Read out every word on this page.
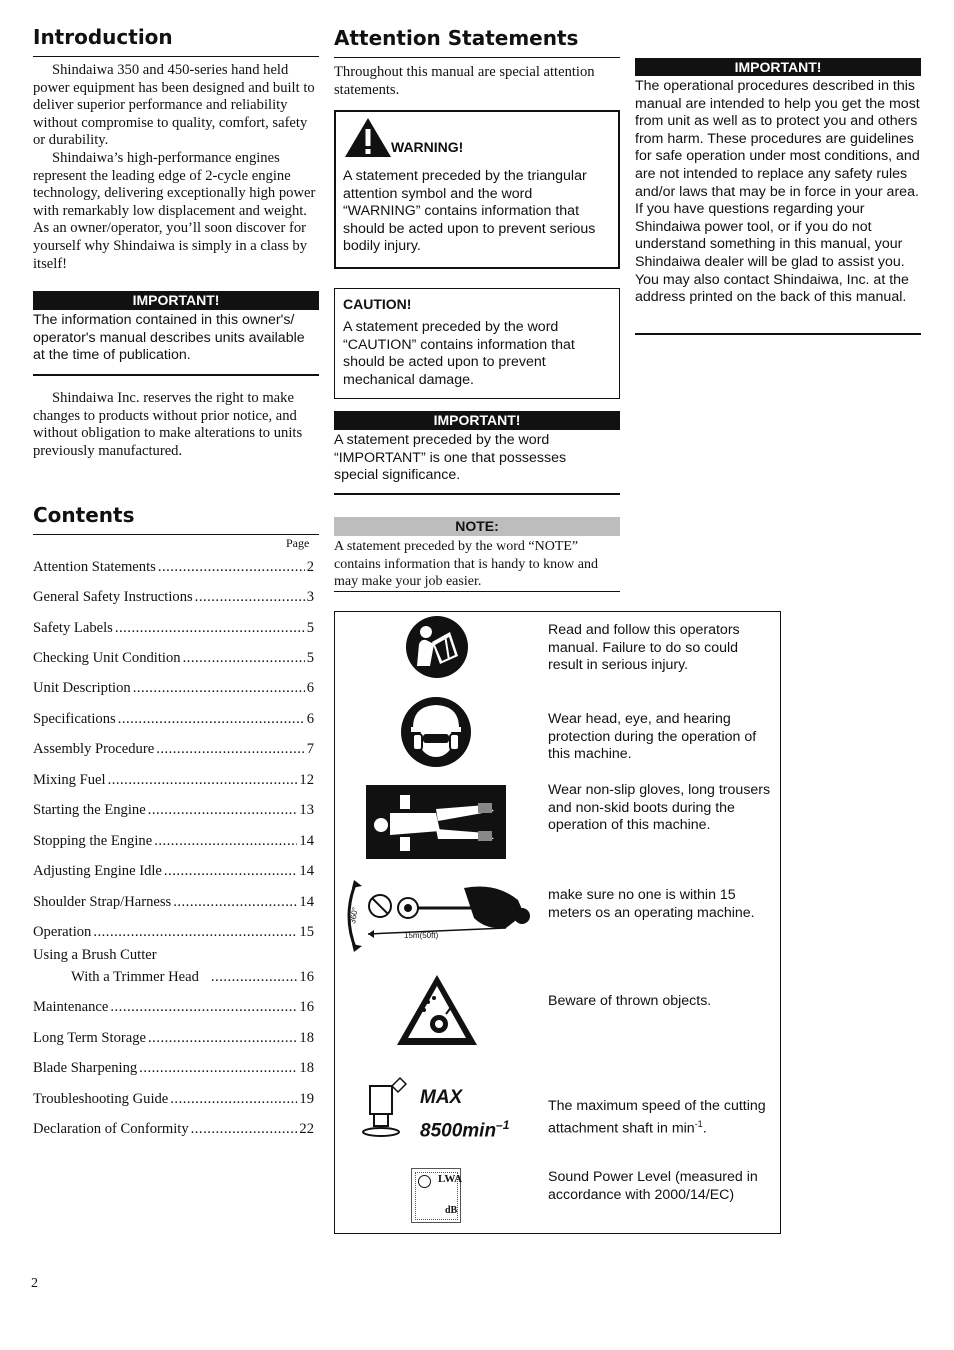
Introduction

Shindaiwa 350 and 450-series hand held power equipment has been designed and built to deliver superior performance and reliability without compromise to quality, comfort, safety or durability.

Shindaiwa’s high-performance engines represent the leading edge of 2-cycle engine technology, delivering exceptionally high power with remarkably low displacement and weight. As an owner/operator, you’ll soon discover for yourself why Shindaiwa is simply in a class by itself!

IMPORTANT!
The information contained in this owner's/ operator's manual describes units available at the time of publication.

Shindaiwa Inc. reserves the right to make changes to products without prior notice, and without obligation to make alterations to units previously manufactured.

Contents
Page
Attention Statements .....	2
General Safety Instructions .....	3
Safety Labels .....	5
Checking Unit Condition .....	5
Unit Description .....	6
Specifications .....	6
Assembly Procedure .....	7
Mixing Fuel .....	12
Starting the Engine .....	13
Stopping the Engine .....	14
Adjusting Engine Idle .....	14
Shoulder Strap/Harness .....	14
Operation .....	15
Using a Brush Cutter
With a Trimmer Head .....	16
Maintenance .....	16
Long Term Storage .....	18
Blade Sharpening .....	18
Troubleshooting Guide .....	19
Declaration of Conformity .....	22
Attention Statements
Throughout this manual are special attention statements.
WARNING!
A statement preceded by the triangular attention symbol and the word “WARNING” contains information that should be acted upon to prevent serious bodily injury.
CAUTION!
A statement preceded by the word “CAUTION” contains information that should be acted upon to prevent mechanical damage.
IMPORTANT!
A statement preceded by the word “IMPORTANT” is one that possesses special significance.
NOTE:
A statement preceded by the word “NOTE” contains information that is handy to know and may make your job easier.
IMPORTANT!
The operational procedures described in this manual are intended to help you get the most from unit as well as to protect you and others from harm. These procedures are guidelines for safe operation under most conditions, and are not intended to replace any safety rules and/or laws that may be in force in your area. If you have questions regarding your Shindaiwa power tool, or if you do not understand something in this manual, your Shindaiwa dealer will be glad to assist you. You may also contact Shindaiwa, Inc. at the address printed on the back of this manual.
Read and follow this operators manual. Failure to do so could result in serious injury.
Wear head, eye, and hearing protection during the operation of this machine.
Wear non-slip gloves, long trousers and non-skid boots during the operation of this machine.
360°
15m(50ft)
make sure no one is within 15 meters os an operating machine.
Beware of thrown objects.
MAX
$8500\min^{-1}$
The maximum speed of the cutting attachment shaft in $\min^{-1}$.
LWA
dB
Sound Power Level (measured in accordance with 2000/14/EC)
2
